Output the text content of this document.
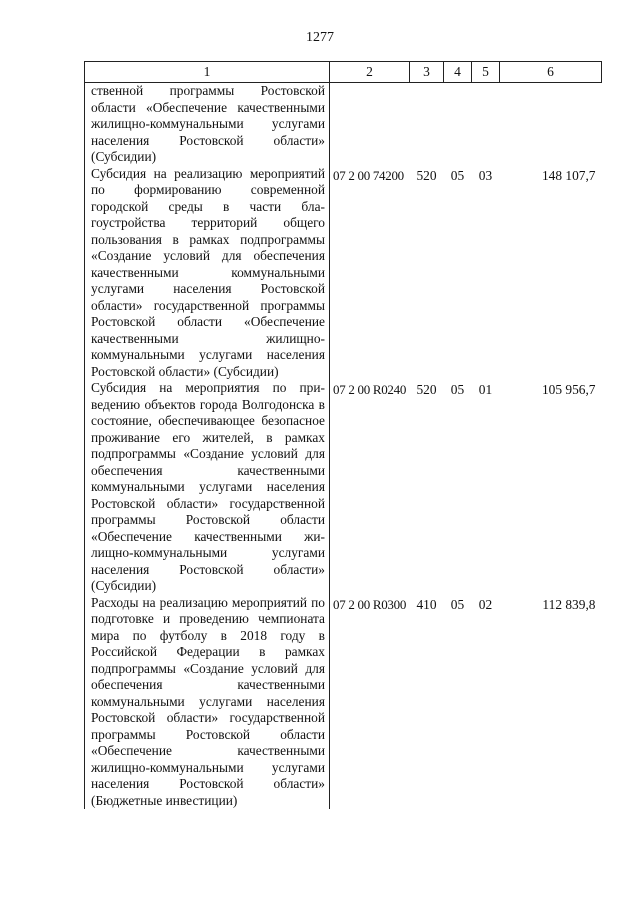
1277
1	2	3	4	5	6
ственной программы Ростовской области «Обеспечение качественными жилищно-коммунальными услугами населения Ростовской области» (Субсидии)					
Субсидия на реализацию мероприятий по формированию современной городской среды в части благоустройства территорий общего пользования в рамках подпрограммы «Создание условий для обеспечения качественными коммунальными услугами населения Ростовской области» государственной программы Ростовской области «Обеспечение качественными жилищно-коммунальными услугами населения Ростовской области» (Субсидии)	07 2 00 74200	520	05	03	148 107,7
Субсидия на мероприятия по приведению объектов города Волгодонска в состояние, обеспечивающее безопасное проживание его жителей, в рамках подпрограммы «Создание условий для обеспечения качественными коммунальными услугами населения Ростовской области» государственной программы Ростовской области «Обеспечение качественными жилищно-коммунальными услугами населения Ростовской области» (Субсидии)	07 2 00 R0240	520	05	01	105 956,7
Расходы на реализацию мероприятий по подготовке и проведению чемпионата мира по футболу в 2018 году в Российской Федерации в рамках подпрограммы «Создание условий для обеспечения качественными коммунальными услугами населения Ростовской области» государственной программы Ростовской области «Обеспечение качественными жилищно-коммунальными услугами населения Ростовской области» (Бюджетные инвестиции)	07 2 00 R0300	410	05	02	112 839,8
